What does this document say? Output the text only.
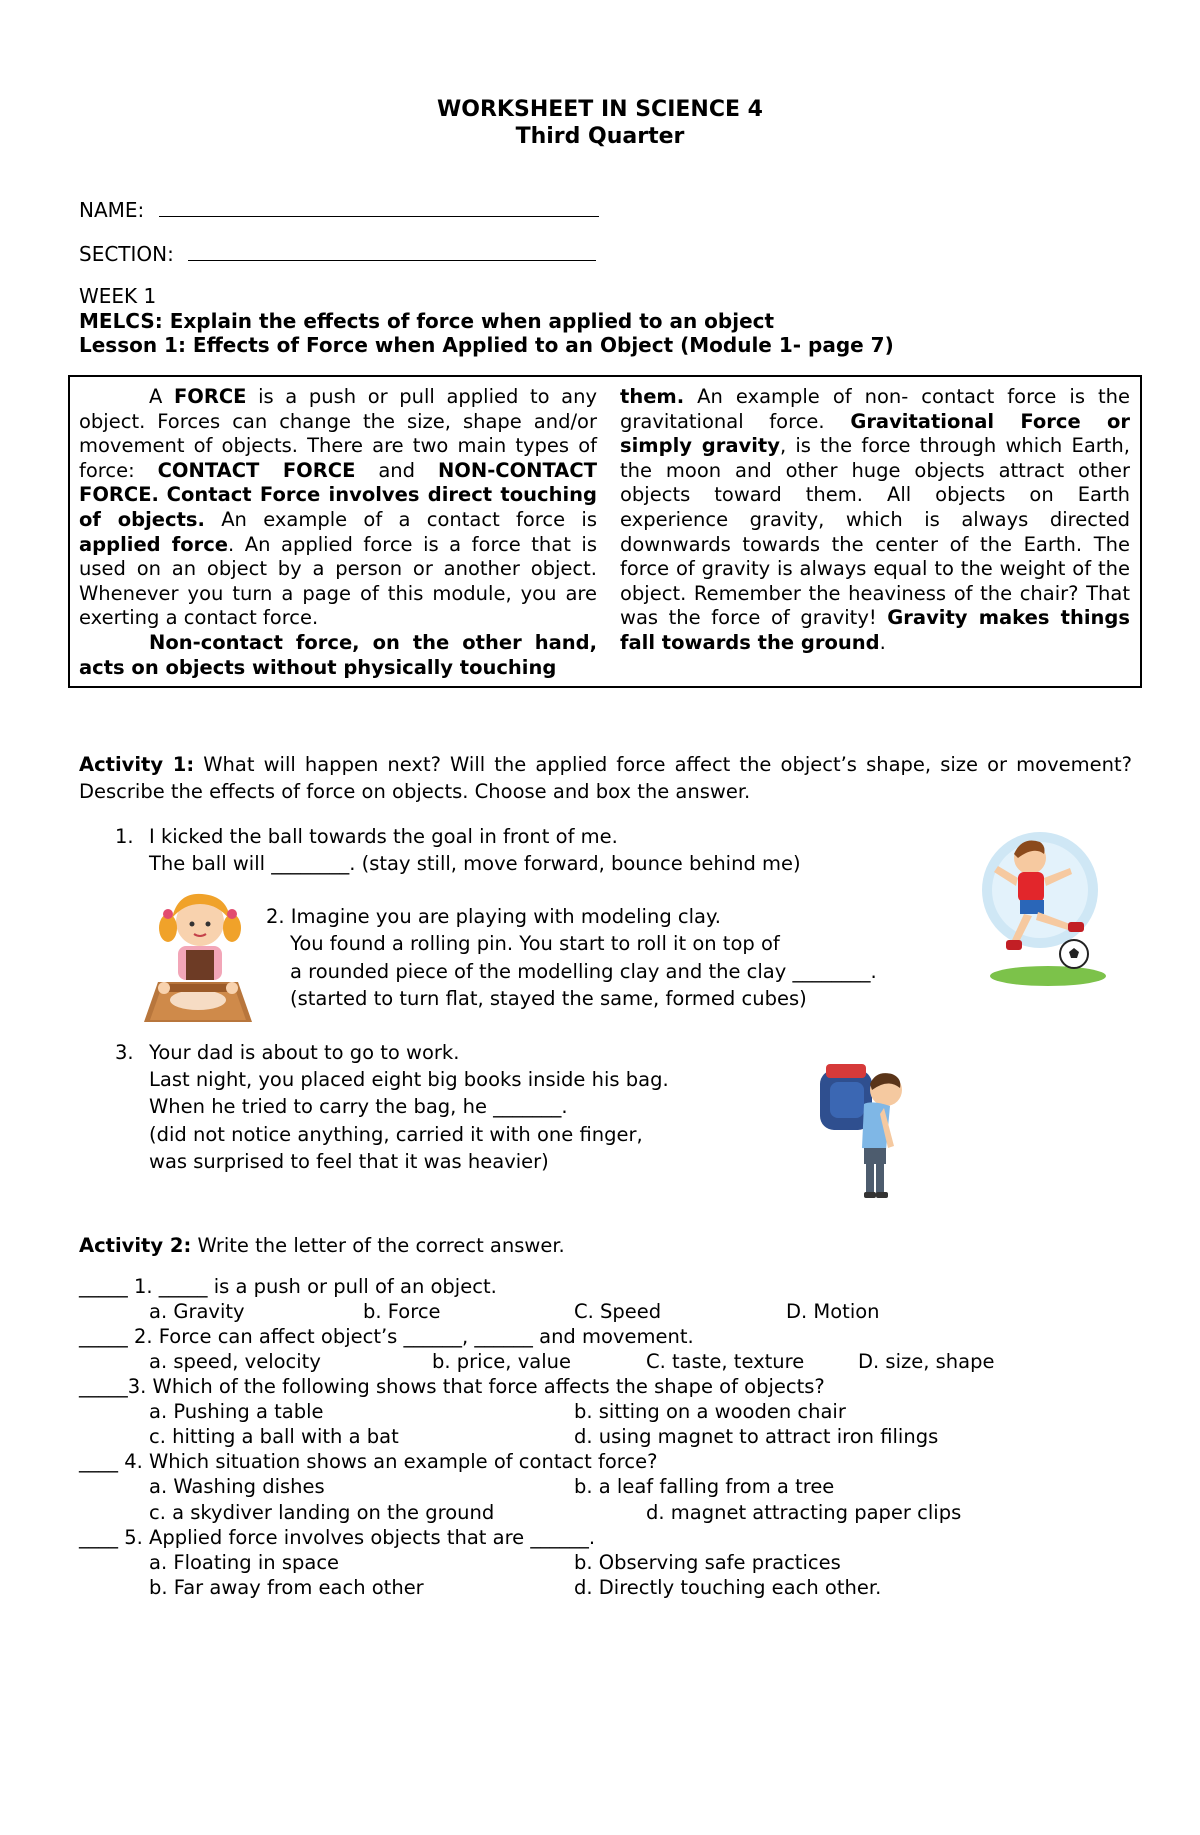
WORKSHEET IN SCIENCE 4
Third Quarter
NAME:
SECTION:
WEEK 1
MELCS: Explain the effects of force when applied to an object
Lesson 1: Effects of Force when Applied to an Object (Module 1- page 7)

A FORCE is a push or pull applied to any object. Forces can change the size, shape and/or movement of objects. There are two main types of force: CONTACT FORCE and NON-CONTACT FORCE. Contact Force involves direct touching of objects. An example of a contact force is applied force. An applied force is a force that is used on an object by a person or another object. Whenever you turn a page of this module, you are exerting a contact force.

Non-contact force, on the other hand, acts on objects without physically touching

them. An example of non- contact force is the gravitational force. Gravitational Force or simply gravity, is the force through which Earth, the moon and other huge objects attract other objects toward them. All objects on Earth experience gravity, which is always directed downwards towards the center of the Earth. The force of gravity is always equal to the weight of the object. Remember the heaviness of the chair? That was the force of gravity! Gravity makes things fall towards the ground.

Activity 1: What will happen next? Will the applied force affect the object’s shape, size or movement? Describe the effects of force on objects. Choose and box the answer.
1. I kicked the ball towards the goal in front of me.
The ball will ________. (stay still, move forward, bounce behind me)
2. Imagine you are playing with modeling clay.
You found a rolling pin. You start to roll it on top of
a rounded piece of the modelling clay and the clay ________.
(started to turn flat, stayed the same, formed cubes)
3. Your dad is about to go to work.
Last night, you placed eight big books inside his bag.
When he tried to carry the bag, he _______.
(did not notice anything, carried it with one finger,
was surprised to feel that it was heavier)
Activity 2: Write the letter of the correct answer.
_____ 1. _____ is a push or pull of an object.
a. Gravity	b. Force	C. Speed	D. Motion
_____ 2. Force can affect object’s ______, ______ and movement.
a. speed, velocity	b. price, value	C. taste, texture	D. size, shape
_____3. Which of the following shows that force affects the shape of objects?
a. Pushing a table	b. sitting on a wooden chair
c. hitting a ball with a bat	d. using magnet to attract iron filings
____ 4. Which situation shows an example of contact force?
a. Washing dishes	b. a leaf falling from a tree
c. a skydiver landing on the ground	d. magnet attracting paper clips
____ 5. Applied force involves objects that are ______.
a. Floating in space	b. Observing safe practices
b. Far away from each other	d. Directly touching each other.
